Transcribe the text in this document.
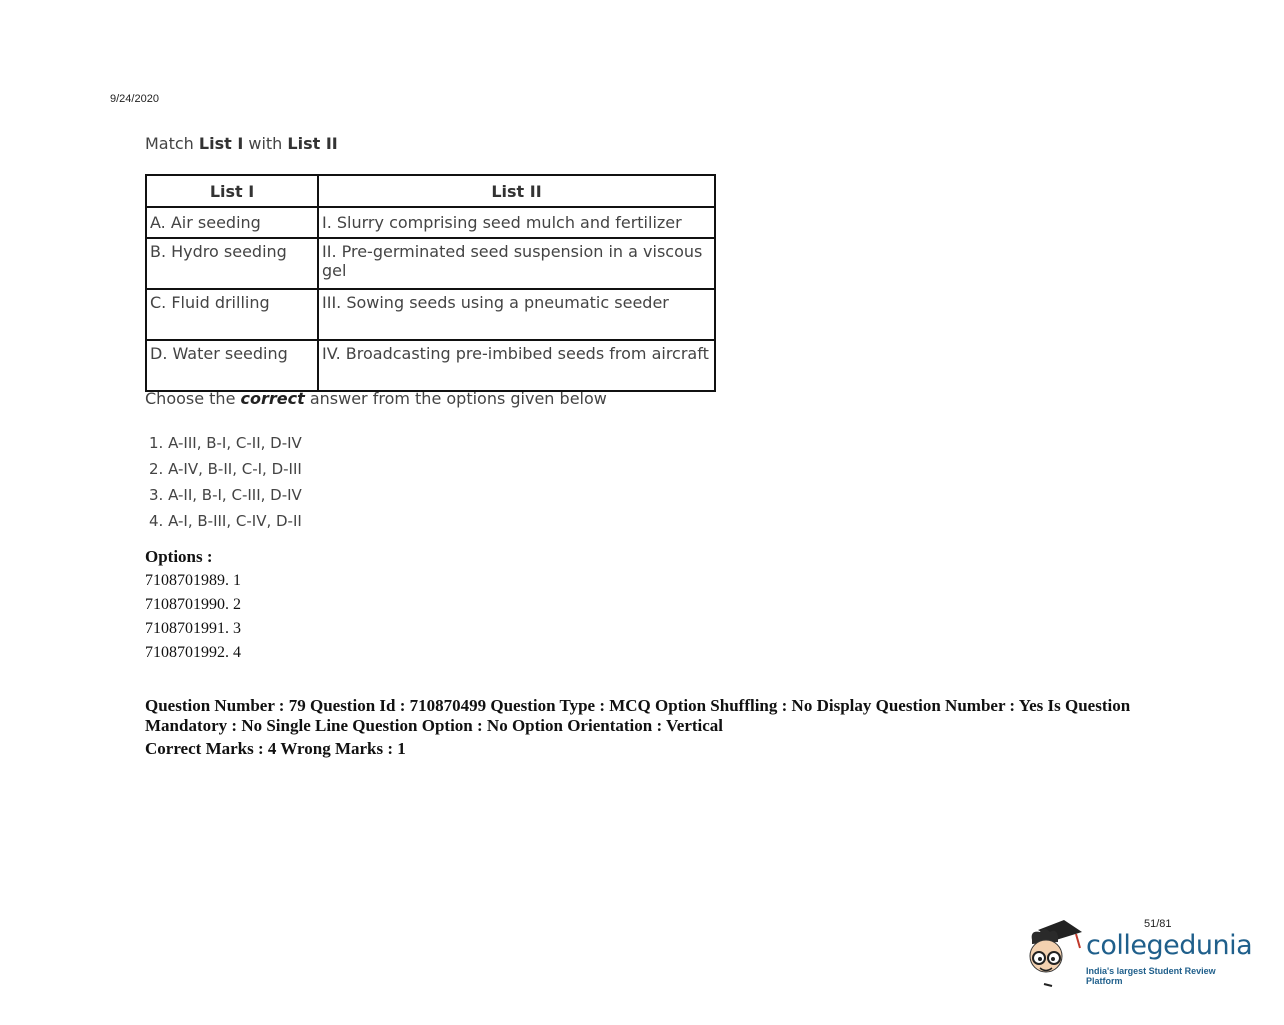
9/24/2020
Match List I with List II
List I	List II
A. Air seeding	I. Slurry comprising seed mulch and fertilizer
B. Hydro seeding	II. Pre-germinated seed suspension in a viscous gel
C. Fluid drilling	III. Sowing seeds using a pneumatic seeder
D. Water seeding	IV. Broadcasting pre-imbibed seeds from aircraft
Choose the correct answer from the options given below
1. A-III, B-I, C-II, D-IV
2. A-IV, B-II, C-I, D-III
3. A-II, B-I, C-III, D-IV
4. A-I, B-III, C-IV, D-II
Options :
7108701989. 1
7108701990. 2
7108701991. 3
7108701992. 4
Question Number : 79 Question Id : 710870499 Question Type : MCQ Option Shuffling : No Display Question Number : Yes Is Question Mandatory : No Single Line Question Option : No Option Orientation : Vertical
Correct Marks : 4 Wrong Marks : 1
51/81
collegedunia
India's largest Student Review Platform
